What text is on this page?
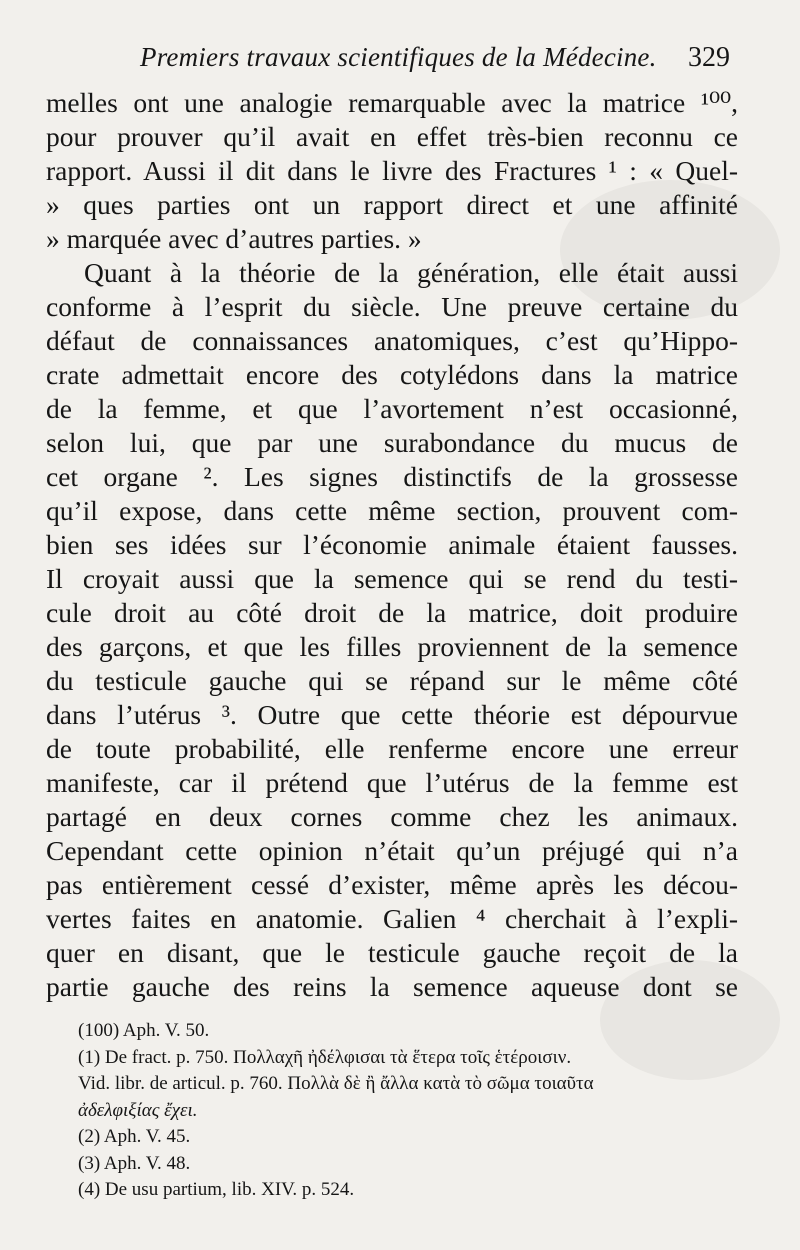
Premiers travaux scientifiques de la Médecine. 329
melles ont une analogie remarquable avec la matrice ¹⁰⁰,
pour prouver qu’il avait en effet très-bien reconnu ce
rapport. Aussi il dit dans le livre des Fractures ¹ : « Quel-
» ques parties ont un rapport direct et une affinité
» marquée avec d’autres parties. »
Quant à la théorie de la génération, elle était aussi
conforme à l’esprit du siècle. Une preuve certaine du
défaut de connaissances anatomiques, c’est qu’Hippo-
crate admettait encore des cotylédons dans la matrice
de la femme, et que l’avortement n’est occasionné,
selon lui, que par une surabondance du mucus de
cet organe ². Les signes distinctifs de la grossesse
qu’il expose, dans cette même section, prouvent com-
bien ses idées sur l’économie animale étaient fausses.
Il croyait aussi que la semence qui se rend du testi-
cule droit au côté droit de la matrice, doit produire
des garçons, et que les filles proviennent de la semence
du testicule gauche qui se répand sur le même côté
dans l’utérus ³. Outre que cette théorie est dépourvue
de toute probabilité, elle renferme encore une erreur
manifeste, car il prétend que l’utérus de la femme est
partagé en deux cornes comme chez les animaux.
Cependant cette opinion n’était qu’un préjugé qui n’a
pas entièrement cessé d’exister, même après les décou-
vertes faites en anatomie. Galien ⁴ cherchait à l’expli-
quer en disant, que le testicule gauche reçoit de la
partie gauche des reins la semence aqueuse dont se
(100) Aph. V. 50.
(1) De fract. p. 750. Πολλαχῆ ἠδέλφισαι τὰ ἕτερα τοῖς ἑτέροισιν.
Vid. libr. de articul. p. 760. Πολλὰ δὲ ἢ ἄλλα κατὰ τὸ σῶμα τοιαῦτα
ἀδελφιξίας ἔχει.
(2) Aph. V. 45.
(3) Aph. V. 48.
(4) De usu partium, lib. XIV. p. 524.
